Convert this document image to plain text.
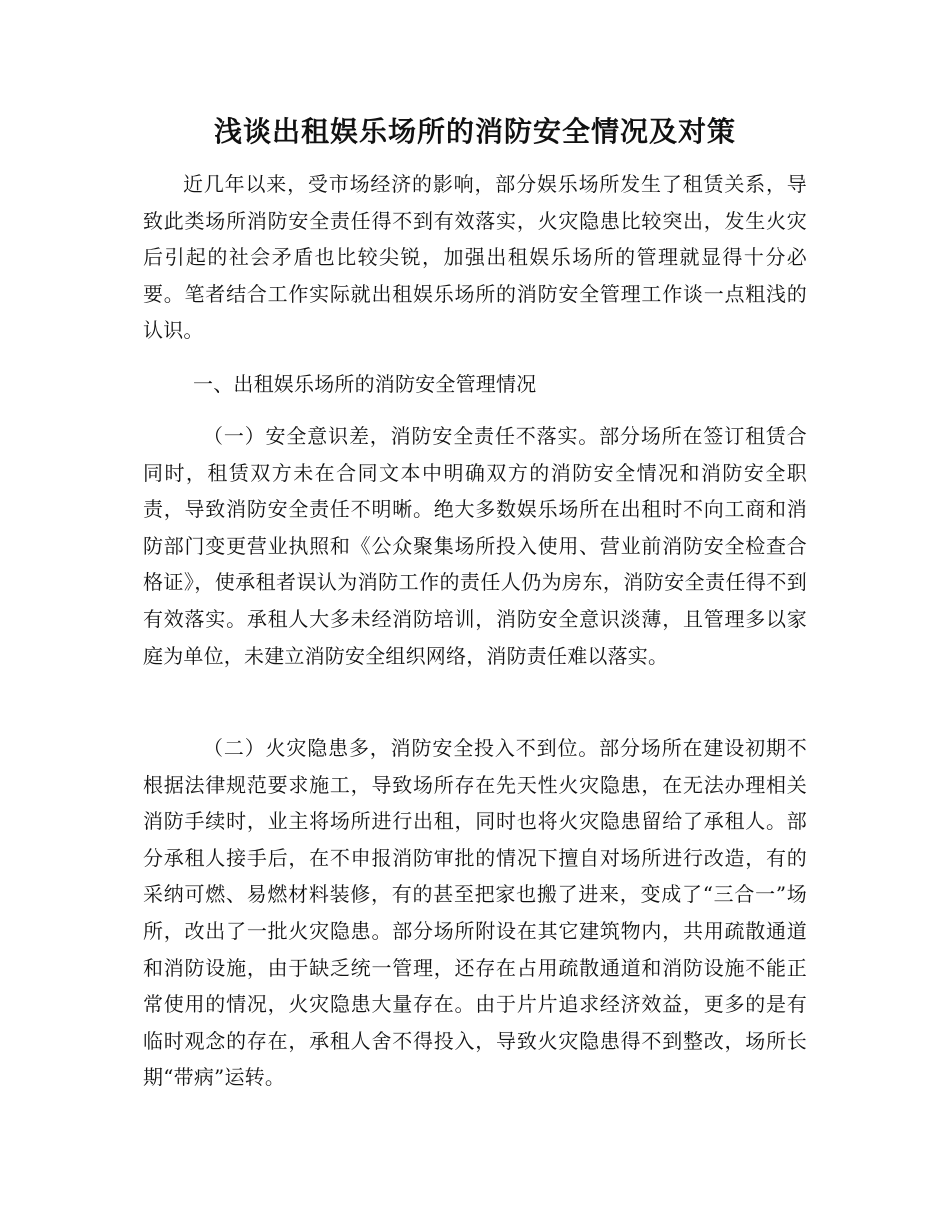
浅谈出租娱乐场所的消防安全情况及对策

近几年以来，受市场经济的影响，部分娱乐场所发生了租赁关系，导致此类场所消防安全责任得不到有效落实，火灾隐患比较突出，发生火灾后引起的社会矛盾也比较尖锐，加强出租娱乐场所的管理就显得十分必要。笔者结合工作实际就出租娱乐场所的消防安全管理工作谈一点粗浅的认识。

一、出租娱乐场所的消防安全管理情况

（一）安全意识差，消防安全责任不落实。部分场所在签订租赁合同时，租赁双方未在合同文本中明确双方的消防安全情况和消防安全职责，导致消防安全责任不明晰。绝大多数娱乐场所在出租时不向工商和消防部门变更营业执照和《公众聚集场所投入使用、营业前消防安全检查合格证》，使承租者误认为消防工作的责任人仍为房东，消防安全责任得不到有效落实。承租人大多未经消防培训，消防安全意识淡薄，且管理多以家庭为单位，未建立消防安全组织网络，消防责任难以落实。

（二）火灾隐患多，消防安全投入不到位。部分场所在建设初期不根据法律规范要求施工，导致场所存在先天性火灾隐患，在无法办理相关消防手续时，业主将场所进行出租，同时也将火灾隐患留给了承租人。部分承租人接手后，在不申报消防审批的情况下擅自对场所进行改造，有的采纳可燃、易燃材料装修，有的甚至把家也搬了进来，变成了“三合一”场所，改出了一批火灾隐患。部分场所附设在其它建筑物内，共用疏散通道和消防设施，由于缺乏统一管理，还存在占用疏散通道和消防设施不能正常使用的情况，火灾隐患大量存在。由于片片追求经济效益，更多的是有临时观念的存在，承租人舍不得投入，导致火灾隐患得不到整改，场所长期“带病”运转。
